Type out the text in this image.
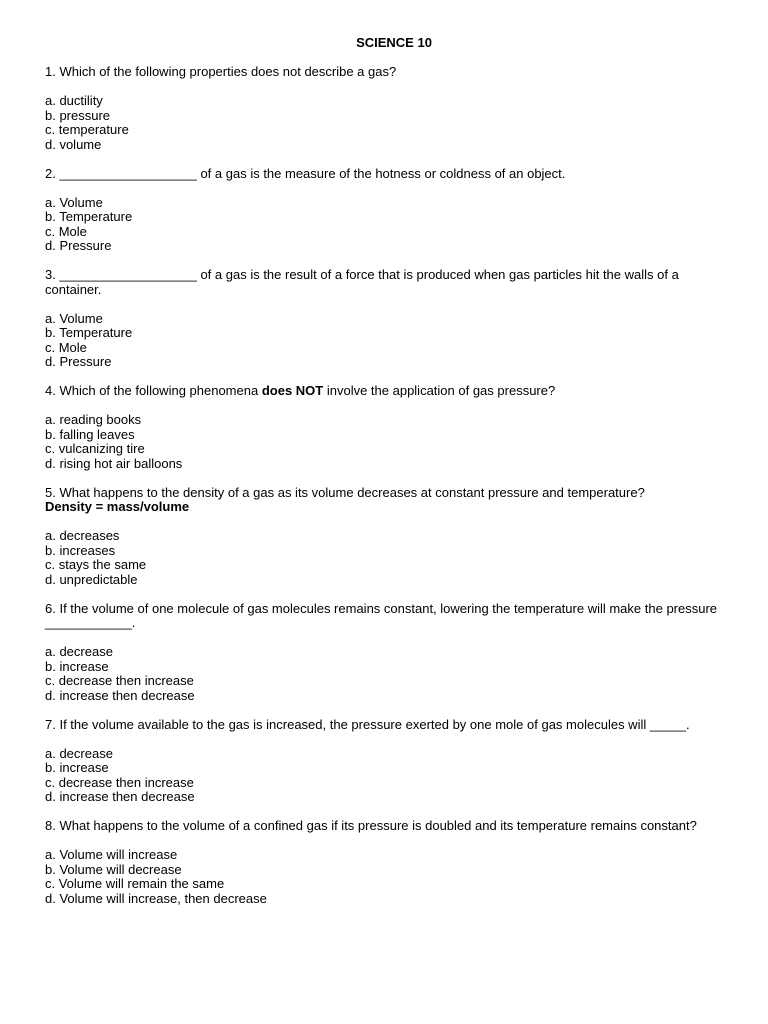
SCIENCE 10

1. Which of the following properties does not describe a gas?

a. ductility
b. pressure
c. temperature
d. volume

2. ___________________ of a gas is the measure of the hotness or coldness of an object.

a. Volume
b. Temperature
c. Mole
d. Pressure

3. ___________________ of a gas is the result of a force that is produced when gas particles hit the walls of a container.

a. Volume
b. Temperature
c. Mole
d. Pressure

4. Which of the following phenomena does NOT involve the application of gas pressure?

a. reading books
b. falling leaves
c. vulcanizing tire
d. rising hot air balloons

5. What happens to the density of a gas as its volume decreases at constant pressure and temperature?

Density = mass/volume

a. decreases
b. increases
c. stays the same
d. unpredictable

6. If the volume of one molecule of gas molecules remains constant, lowering the temperature will make the pressure ____________.

a. decrease
b. increase
c. decrease then increase
d. increase then decrease

7. If the volume available to the gas is increased, the pressure exerted by one mole of gas molecules will _____.

a. decrease
b. increase
c. decrease then increase
d. increase then decrease

8. What happens to the volume of a confined gas if its pressure is doubled and its temperature remains constant?

a. Volume will increase
b. Volume will decrease
c. Volume will remain the same
d. Volume will increase, then decrease
